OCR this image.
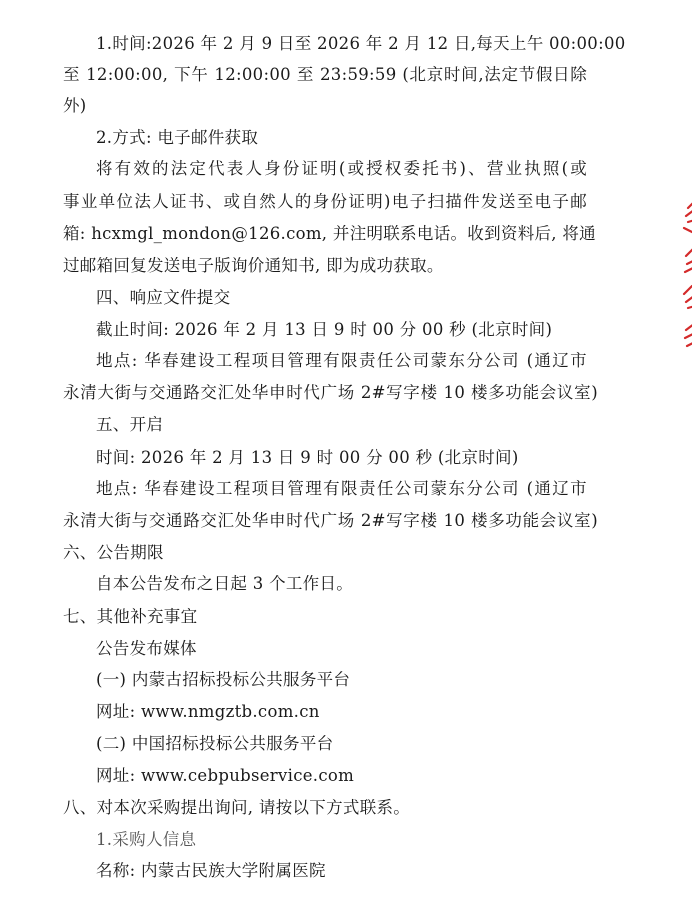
1.时间:2026 年 2 月 9 日至 2026 年 2 月 12 日,每天上午 00:00:00
至 12:00:00, 下午 12:00:00 至 23:59:59 (北京时间,法定节假日除
外)
2.方式: 电子邮件获取
将有效的法定代表人身份证明(或授权委托书)、营业执照(或
事业单位法人证书、或自然人的身份证明)电子扫描件发送至电子邮
箱: hcxmgl_mondon@126.com, 并注明联系电话。收到资料后, 将通
过邮箱回复发送电子版询价通知书, 即为成功获取。
四、响应文件提交
截止时间: 2026 年 2 月 13 日 9 时 00 分 00 秒 (北京时间)
地点: 华春建设工程项目管理有限责任公司蒙东分公司 (通辽市
永清大街与交通路交汇处华申时代广场 2#写字楼 10 楼多功能会议室)
五、开启
时间: 2026 年 2 月 13 日 9 时 00 分 00 秒 (北京时间)
地点: 华春建设工程项目管理有限责任公司蒙东分公司 (通辽市
永清大街与交通路交汇处华申时代广场 2#写字楼 10 楼多功能会议室)
六、公告期限
自本公告发布之日起 3 个工作日。
七、其他补充事宜
公告发布媒体
(一) 内蒙古招标投标公共服务平台
网址: www.nmgztb.com.cn
(二) 中国招标投标公共服务平台
网址: www.cebpubservice.com
八、对本次采购提出询问, 请按以下方式联系。
1.采购人信息
名称: 内蒙古民族大学附属医院
